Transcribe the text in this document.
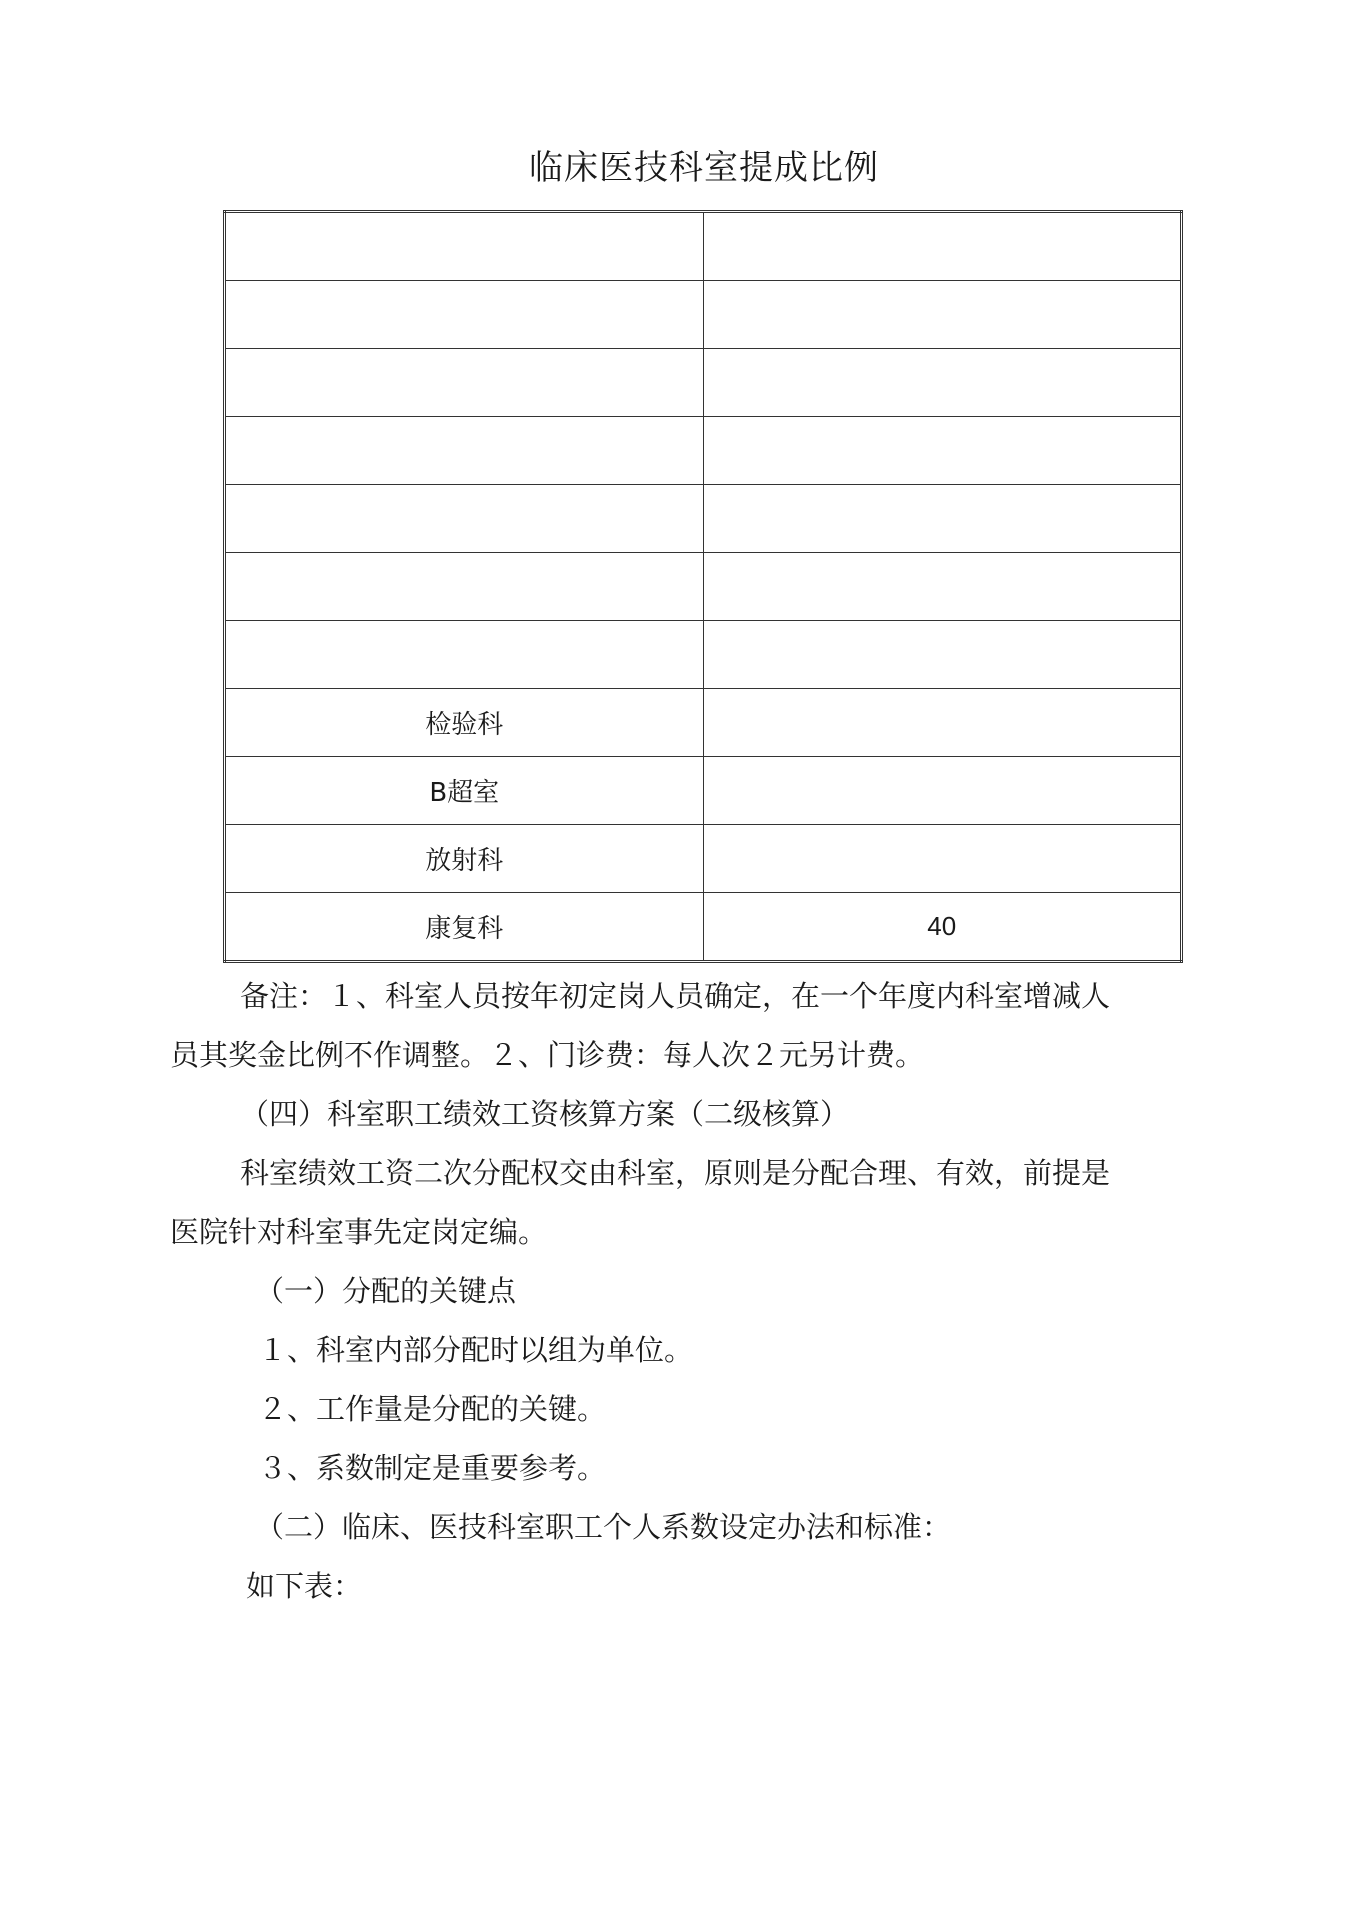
临床医技科室提成比例

检验科	
B超室	
放射科	
康复科	40
备注：１、科室人员按年初定岗人员确定，在一个年度内科室增减人
员其奖金比例不作调整。２、门诊费：每人次２元另计费。
（四）科室职工绩效工资核算方案（二级核算）
科室绩效工资二次分配权交由科室，原则是分配合理、有效，前提是
医院针对科室事先定岗定编。
（一）分配的关键点
１、科室内部分配时以组为单位。
２、工作量是分配的关键。
３、系数制定是重要参考。
（二）临床、医技科室职工个人系数设定办法和标准：
如下表：
